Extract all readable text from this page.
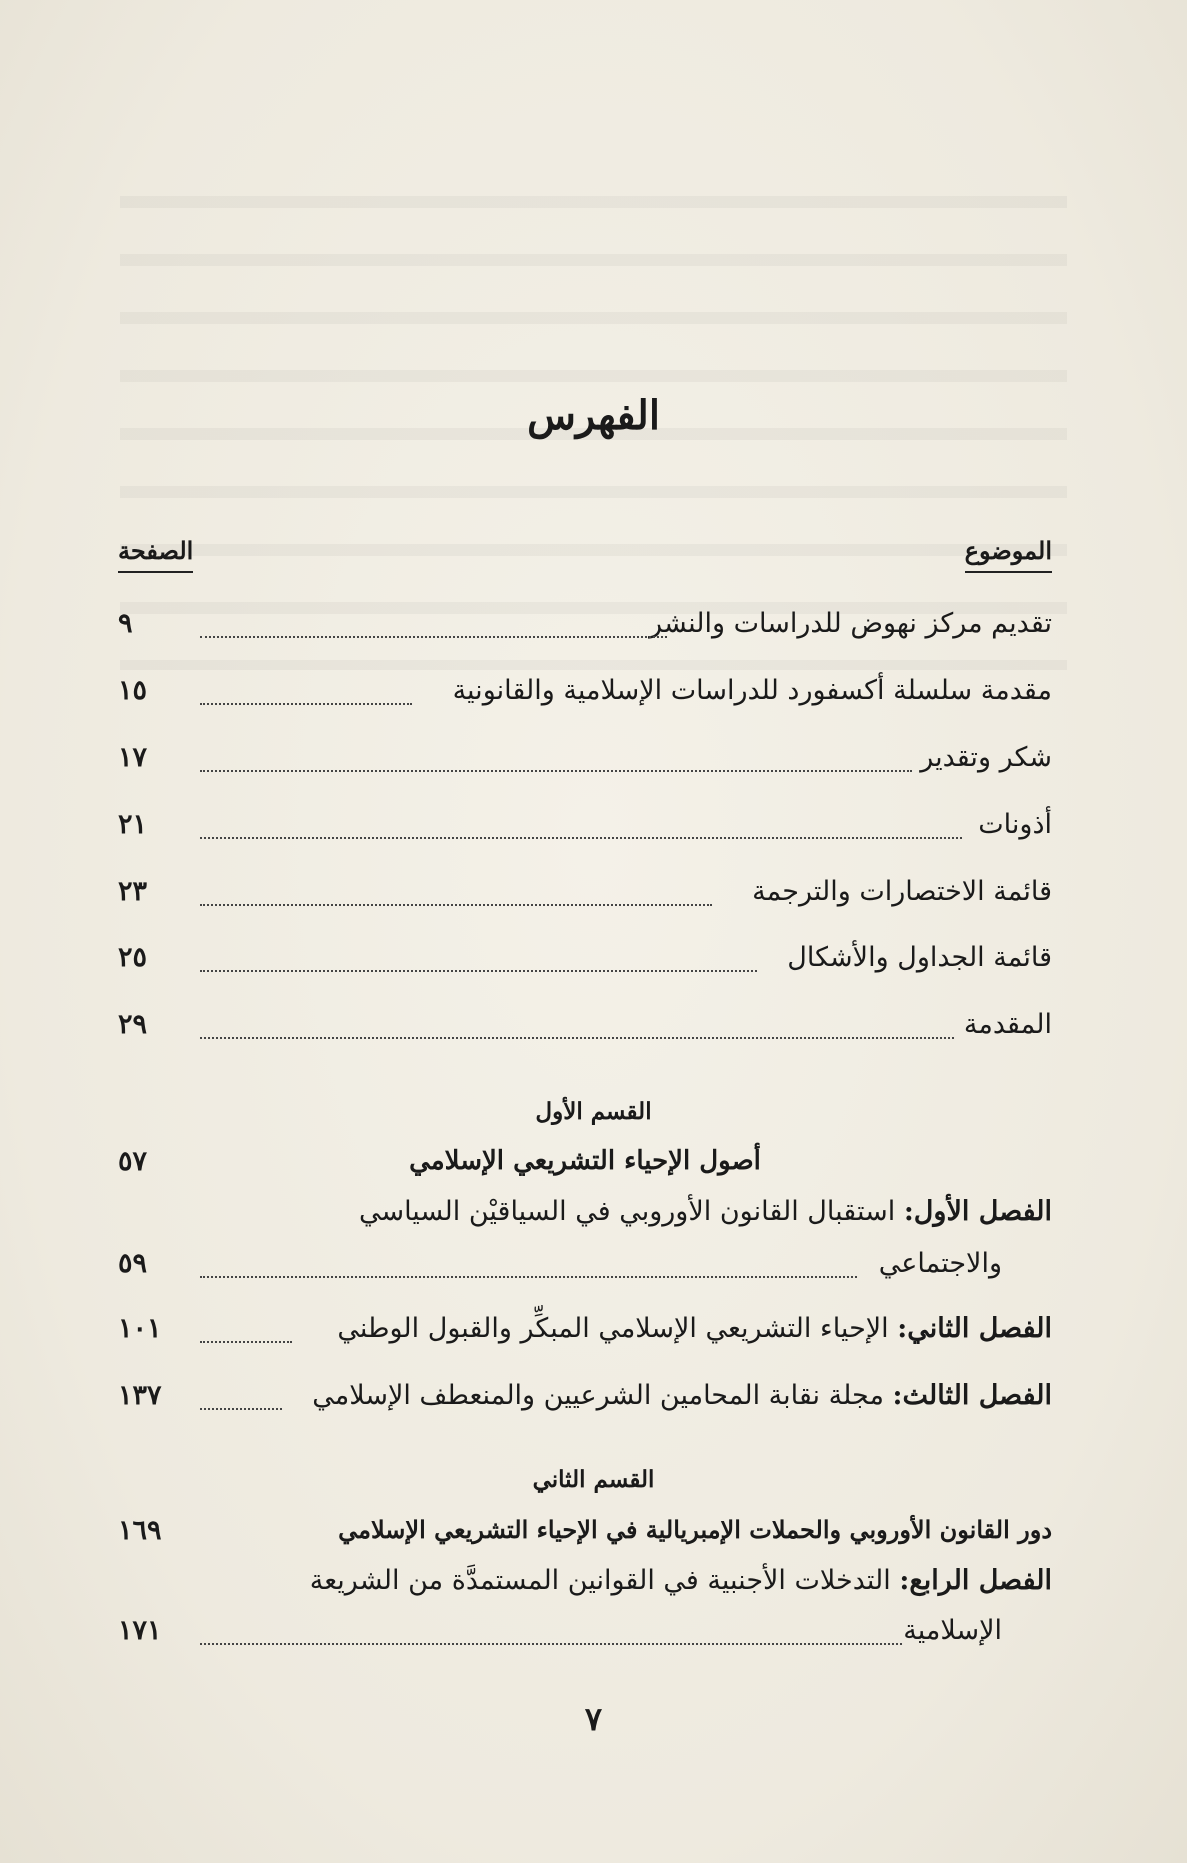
الفهرس
الموضوع
الصفحة
تقديم مركز نهوض للدراسات والنشر
٩
مقدمة سلسلة أكسفورد للدراسات الإسلامية والقانونية
١٥
شكر وتقدير
١٧
أذونات
٢١
قائمة الاختصارات والترجمة
٢٣
قائمة الجداول والأشكال
٢٥
المقدمة
٢٩
القسم الأول
أصول الإحياء التشريعي الإسلامي
٥٧
الفصل الأول: استقبال القانون الأوروبي في السياقيْن السياسي
والاجتماعي
٥٩
الفصل الثاني: الإحياء التشريعي الإسلامي المبكِّر والقبول الوطني
١٠١
الفصل الثالث: مجلة نقابة المحامين الشرعيين والمنعطف الإسلامي
١٣٧
القسم الثاني
دور القانون الأوروبي والحملات الإمبريالية في الإحياء التشريعي الإسلامي
١٦٩
الفصل الرابع: التدخلات الأجنبية في القوانين المستمدَّة من الشريعة
الإسلامية
١٧١
٧
